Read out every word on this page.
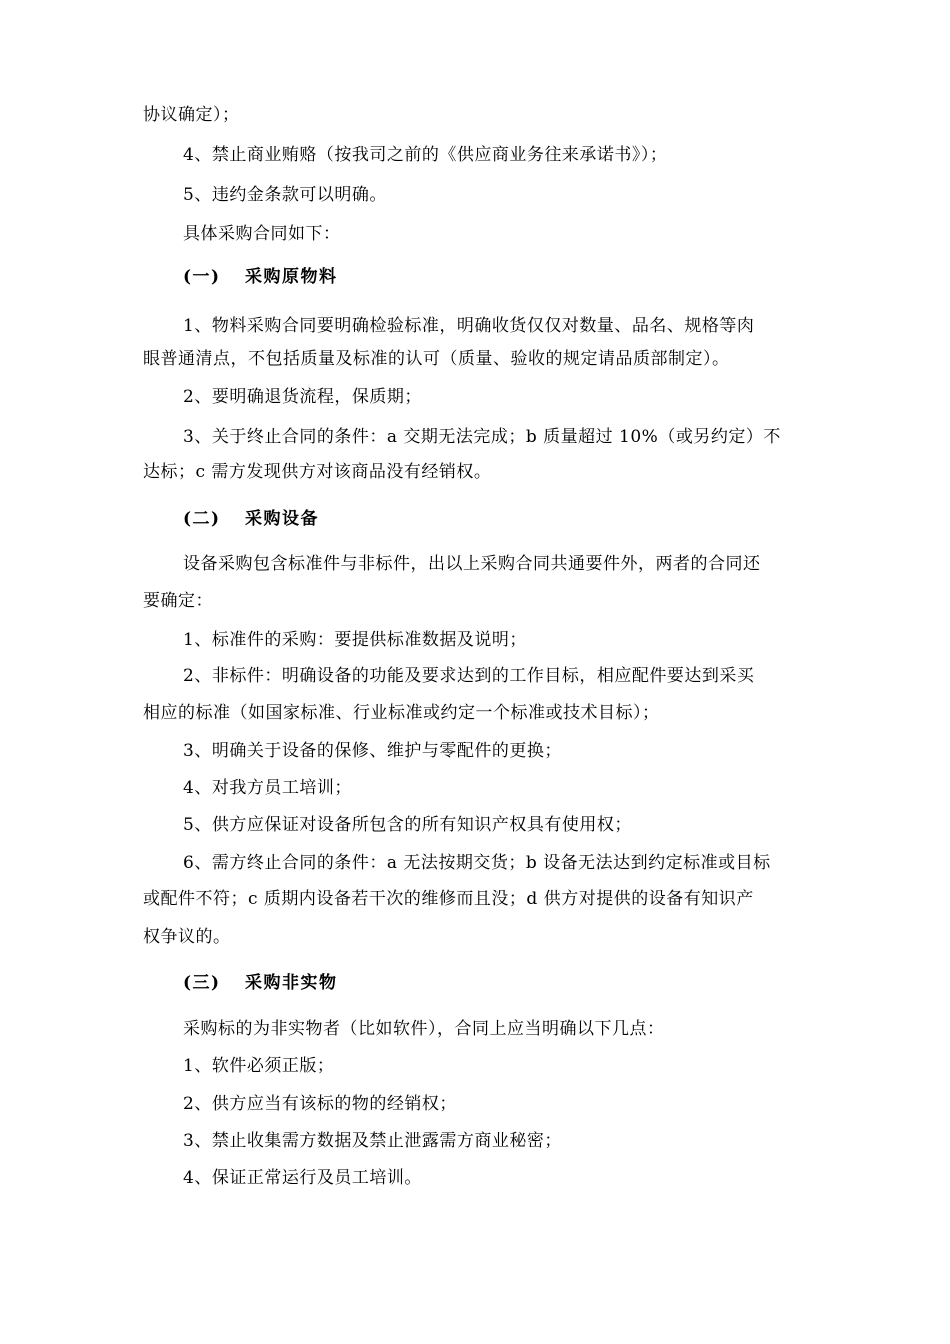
协议确定）；
4、禁止商业贿赂（按我司之前的《供应商业务往来承诺书》）；
5、违约金条款可以明确。
具体采购合同如下：
(一) 采购原物料
1、物料采购合同要明确检验标准，明确收货仅仅对数量、品名、规格等肉
眼普通清点，不包括质量及标准的认可（质量、验收的规定请品质部制定）。
2、要明确退货流程，保质期；
3、关于终止合同的条件：a 交期无法完成；b 质量超过 10%（或另约定）不
达标；c 需方发现供方对该商品没有经销权。
(二) 采购设备
设备采购包含标准件与非标件，出以上采购合同共通要件外，两者的合同还
要确定：
1、标准件的采购：要提供标准数据及说明；
2、非标件：明确设备的功能及要求达到的工作目标，相应配件要达到采买
相应的标准（如国家标准、行业标准或约定一个标准或技术目标）；
3、明确关于设备的保修、维护与零配件的更换；
4、对我方员工培训；
5、供方应保证对设备所包含的所有知识产权具有使用权；
6、需方终止合同的条件：a 无法按期交货；b 设备无法达到约定标准或目标
或配件不符；c 质期内设备若干次的维修而且没；d 供方对提供的设备有知识产
权争议的。
(三) 采购非实物
采购标的为非实物者（比如软件），合同上应当明确以下几点：
1、软件必须正版；
2、供方应当有该标的物的经销权；
3、禁止收集需方数据及禁止泄露需方商业秘密；
4、保证正常运行及员工培训。
